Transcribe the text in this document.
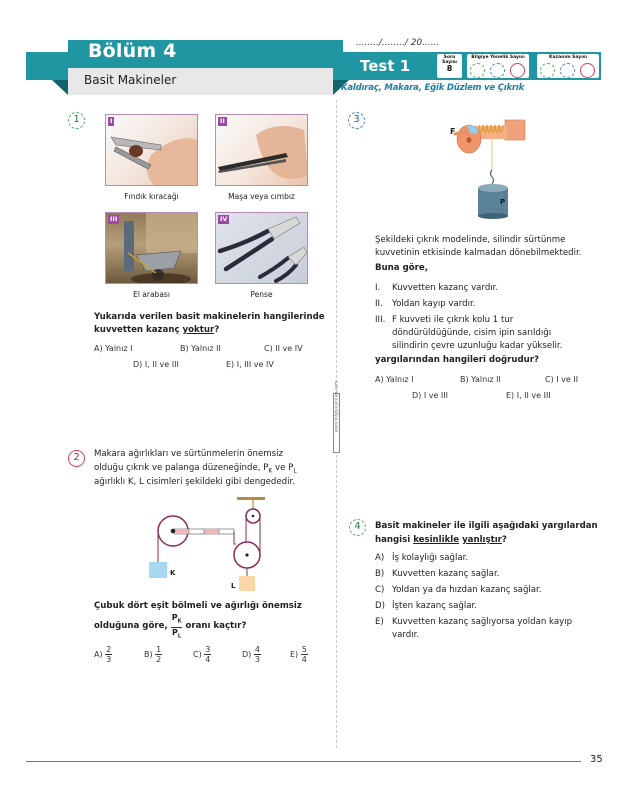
Bölüm 4
Basit Makineler
Test 1
......../......../ 20......
Kaldıraç, Makara, Eğik Düzlem ve Çıkrık
Soru Sayısı
8
Bilgiye Yönelik Sayısı	Kazanım Sayısı
1	I
Fındık kıracağı
II
Maşa veya cımbız
III
El arabası
IV
Pense
Yukarıda verilen basit makinelerin hangilerinde
kuvvetten kazanç yoktur?
A) Yalnız I	B) Yalnız II	C) II ve IV
D) I, II ve III	E) I, III ve IV
2	Makara ağırlıkları ve sürtünmelerin önemsiz
olduğu çıkrık ve palanga düzeneğinde, $P_K$ ve $P_L$
ağırlıklı K, L cisimleri şekildeki gibi dengededir.
K
L
Çubuk dört eşit bölmeli ve ağırlığı önemsiz
olduğuna göre, $\frac{P_K}{P_L}$ oranı kaçtır?
$A) \frac{2}{3}$	$B) \frac{1}{2}$	$C) \frac{3}{4}$	$D) \frac{4}{3}$	$E) \frac{5}{4}$
3
F
P
Şekildeki çıkrık modelinde, silindir sürtünme
kuvvetinin etkisinde kalmadan dönebilmektedir.
Buna göre,
I. Kuvvetten kazanç vardır.
II. Yoldan kayıp vardır.
III. F kuvveti ile çıkrık kolu 1 tur
döndürüldüğünde, cisim ipin sarıldığı
silindirin çevre uzunluğu kadar yükselir.
yargılarından hangileri doğrudur?
A) Yalnız I	B) Yalnız II	C) I ve II
D) I ve III	E) I, II ve III
4	Basit makineler ile ilgili aşağıdaki yargılardan
hangisi kesinlikle yanlıştır?
A) İş kolaylığı sağlar.
B) Kuvvetten kazanç sağlar.
C) Yoldan ya da hızdan kazanç sağlar.
D) İşten kazanç sağlar.
E) Kuvvetten kazanç sağlıyorsa yoldan kayıp
vardır.
35
